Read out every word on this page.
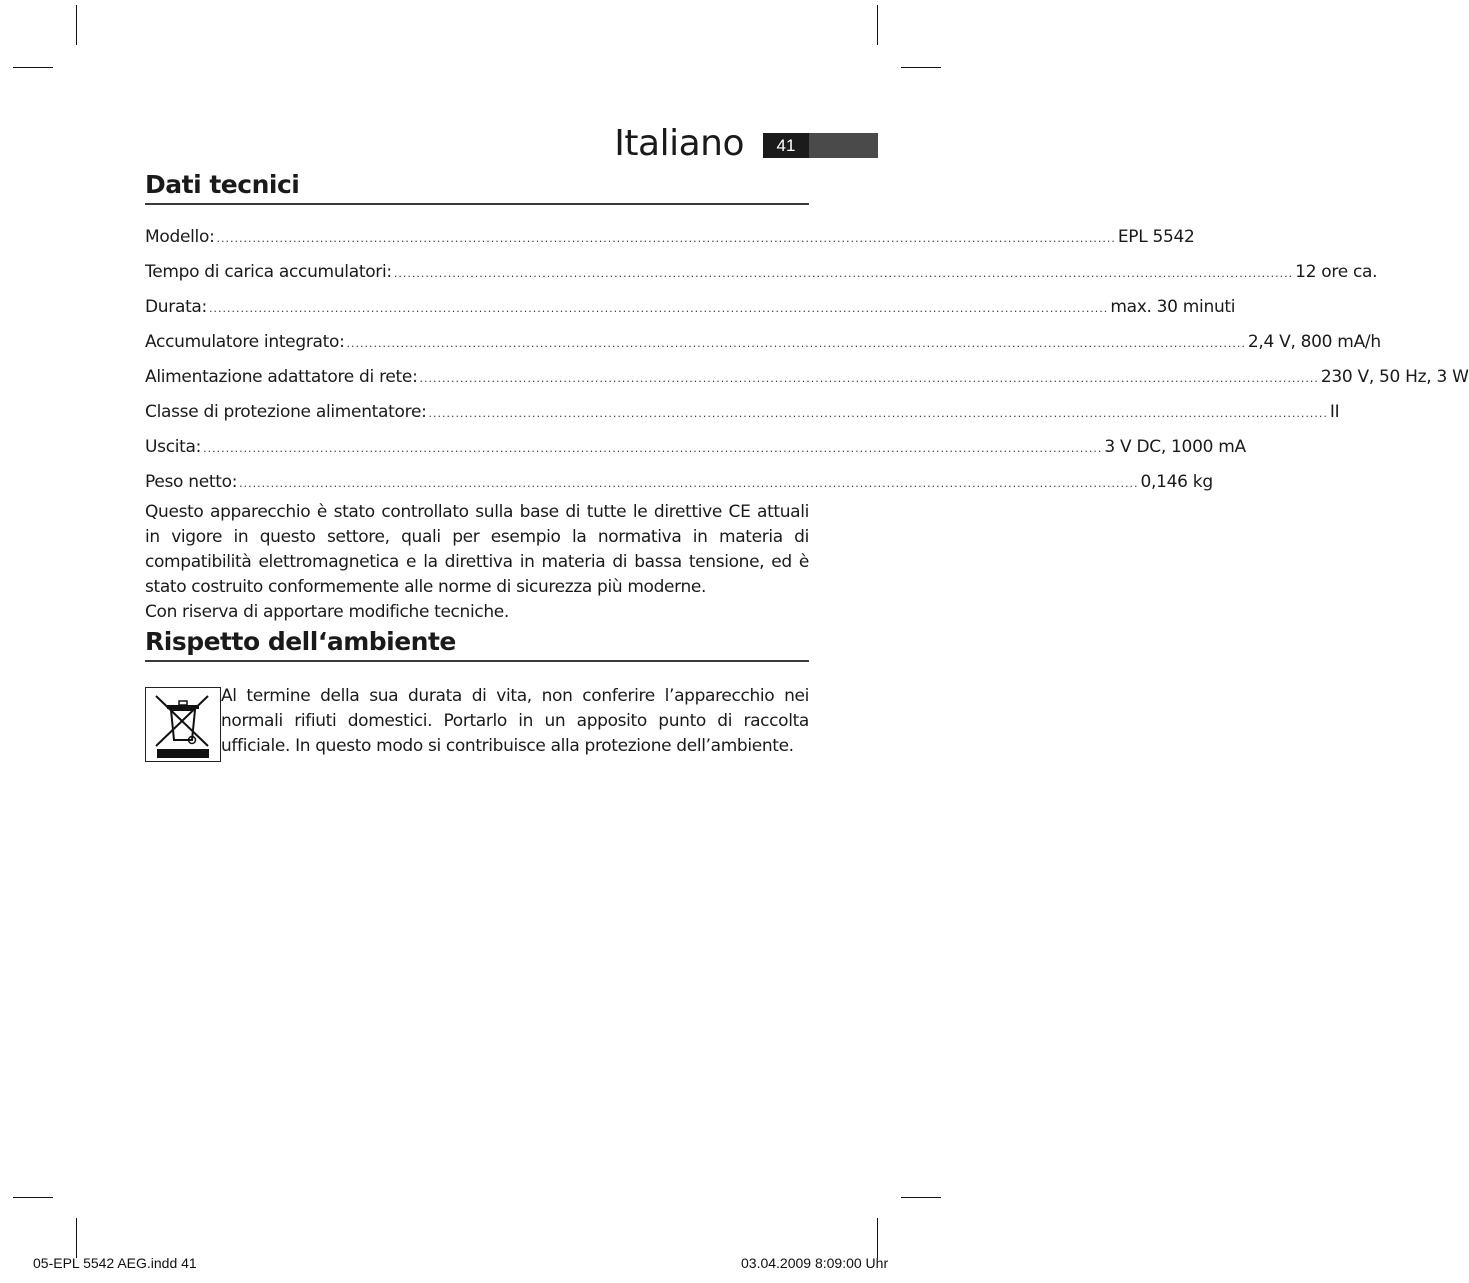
Italiano	41
Dati tecnici
Modello: ........................................................................................................................................................................................................ EPL 5542
Tempo di carica accumulatori: ........................................................................................................................................................................................................ 12 ore ca.
Durata: ........................................................................................................................................................................................................ max. 30 minuti
Accumulatore integrato: ........................................................................................................................................................................................................ 2,4 V, 800 mA/h
Alimentazione adattatore di rete: ........................................................................................................................................................................................................ 230 V, 50 Hz, 3 W
Classe di protezione alimentatore: ........................................................................................................................................................................................................ II
Uscita: ........................................................................................................................................................................................................ 3 V DC, 1000 mA
Peso netto: ........................................................................................................................................................................................................ 0,146 kg

Questo apparecchio è stato controllato sulla base di tutte le direttive CE attuali in vigore in questo settore, quali per esempio la normativa in materia di compatibilità elettromagnetica e la direttiva in materia di bassa tensione, ed è stato costruito conformemente alle norme di sicurezza più moderne.

Con riserva di apportare modifiche tecniche.

Rispetto dell‘ambiente

Al termine della sua durata di vita, non conferire l’apparecchio nei normali rifiuti domestici. Portarlo in un apposito punto di raccolta ufficiale. In questo modo si contribuisce alla protezione dell’ambiente.

05-EPL 5542 AEG.indd 41	03.04.2009 8:09:00 Uhr
